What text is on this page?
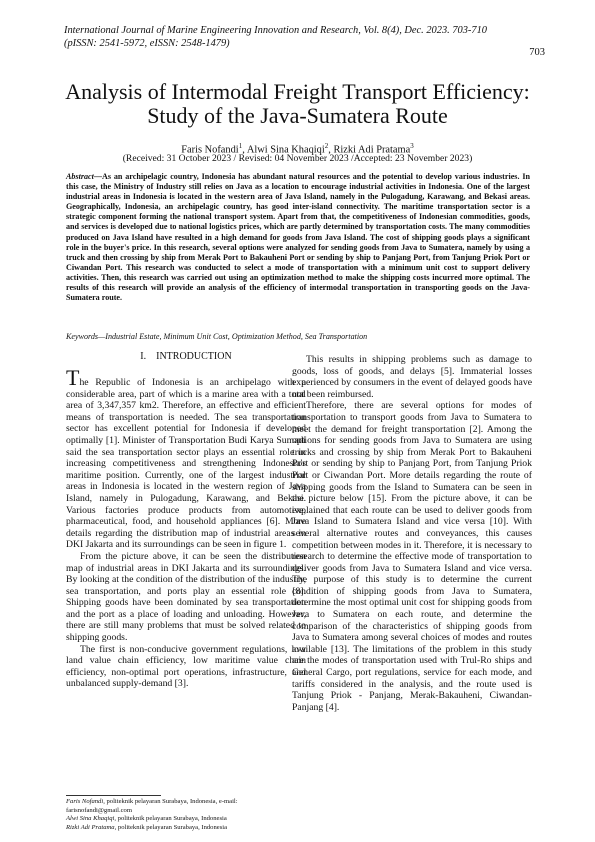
International Journal of Marine Engineering Innovation and Research, Vol. 8(4), Dec. 2023. 703-710
(pISSN: 2541-5972, eISSN: 2548-1479)
703
Analysis of Intermodal Freight Transport Efficiency: Study of the Java-Sumatera Route
Faris Nofandi$^1$, Alwi Sina Khaqiqi$^2$, Rizki Adi Pratama$^3$
(Received: 31 October 2023 / Revised: 04 November 2023 /Accepted: 23 November 2023)
Abstract—As an archipelagic country, Indonesia has abundant natural resources and the potential to develop various industries. In this case, the Ministry of Industry still relies on Java as a location to encourage industrial activities in Indonesia. One of the largest industrial areas in Indonesia is located in the western area of Java Island, namely in the Pulogadung, Karawang, and Bekasi areas. Geographically, Indonesia, an archipelagic country, has good inter-island connectivity. The maritime transportation sector is a strategic component forming the national transport system. Apart from that, the competitiveness of Indonesian commodities, goods, and services is developed due to national logistics prices, which are partly determined by transportation costs. The many commodities produced on Java Island have resulted in a high demand for goods from Java Island. The cost of shipping goods plays a significant role in the buyer's price. In this research, several options were analyzed for sending goods from Java to Sumatera, namely by using a truck and then crossing by ship from Merak Port to Bakauheni Port or sending by ship to Panjang Port, from Tanjung Priok Port or Ciwandan Port. This research was conducted to select a mode of transportation with a minimum unit cost to support delivery activities. Then, this research was carried out using an optimization method to make the shipping costs incurred more optimal. The results of this research will provide an analysis of the efficiency of intermodal transportation in transporting goods on the Java-Sumatera route.
Keywords—Industrial Estate, Minimum Unit Cost, Optimization Method, Sea Transportation
I. INTRODUCTION

The Republic of Indonesia is an archipelago with a considerable area, part of which is a marine area with a total area of 3,347,357 km2. Therefore, an effective and efficient means of transportation is needed. The sea transportation sector has excellent potential for Indonesia if developed optimally [1]. Minister of Transportation Budi Karya Sumadi said the sea transportation sector plays an essential role in increasing competitiveness and strengthening Indonesia's maritime position. Currently, one of the largest industrial areas in Indonesia is located in the western region of Java Island, namely in Pulogadung, Karawang, and Bekasi. Various factories produce products from automotive, pharmaceutical, food, and household appliances [6]. More details regarding the distribution map of industrial areas in DKI Jakarta and its surroundings can be seen in figure 1.

From the picture above, it can be seen the distribution map of industrial areas in DKI Jakarta and its surroundings. By looking at the condition of the distribution of the industry, sea transportation, and ports play an essential role [8]. Shipping goods have been dominated by sea transportation and the port as a place of loading and unloading. However, there are still many problems that must be solved related to shipping goods.

The first is non-conducive government regulations, low land value chain efficiency, low maritime value chain efficiency, non-optimal port operations, infrastructure, and unbalanced supply-demand [3].

This results in shipping problems such as damage to goods, loss of goods, and delays [5]. Immaterial losses experienced by consumers in the event of delayed goods have not been reimbursed.

Therefore, there are several options for modes of transportation to transport goods from Java to Sumatera to meet the demand for freight transportation [2]. Among the options for sending goods from Java to Sumatera are using trucks and crossing by ship from Merak Port to Bakauheni Port or sending by ship to Panjang Port, from Tanjung Priok Port or Ciwandan Port. More details regarding the route of shipping goods from the Island to Sumatera can be seen in the picture below [15]. From the picture above, it can be explained that each route can be used to deliver goods from Java Island to Sumatera Island and vice versa [10]. With several alternative routes and conveyances, this causes competition between modes in it. Therefore, it is necessary to research to determine the effective mode of transportation to deliver goods from Java to Sumatera Island and vice versa. The purpose of this study is to determine the current condition of shipping goods from Java to Sumatera, determine the most optimal unit cost for shipping goods from Java to Sumatera on each route, and determine the comparison of the characteristics of shipping goods from Java to Sumatera among several choices of modes and routes available [13]. The limitations of the problem in this study are the modes of transportation used with Trul-Ro ships and General Cargo, port regulations, service for each mode, and tariffs considered in the analysis, and the route used is Tanjung Priok - Panjang, Merak-Bakauheni, Ciwandan-Panjang [4].

Faris Nofandi, politeknik pelayaran Surabaya, Indonesia, e-mail:
farisnofandi@gmail.com
Alwi Sina Khaqiqi, politeknik pelayaran Surabaya, Indonesia
Rizki Adi Pratama, politeknik pelayaran Surabaya, Indonesia
